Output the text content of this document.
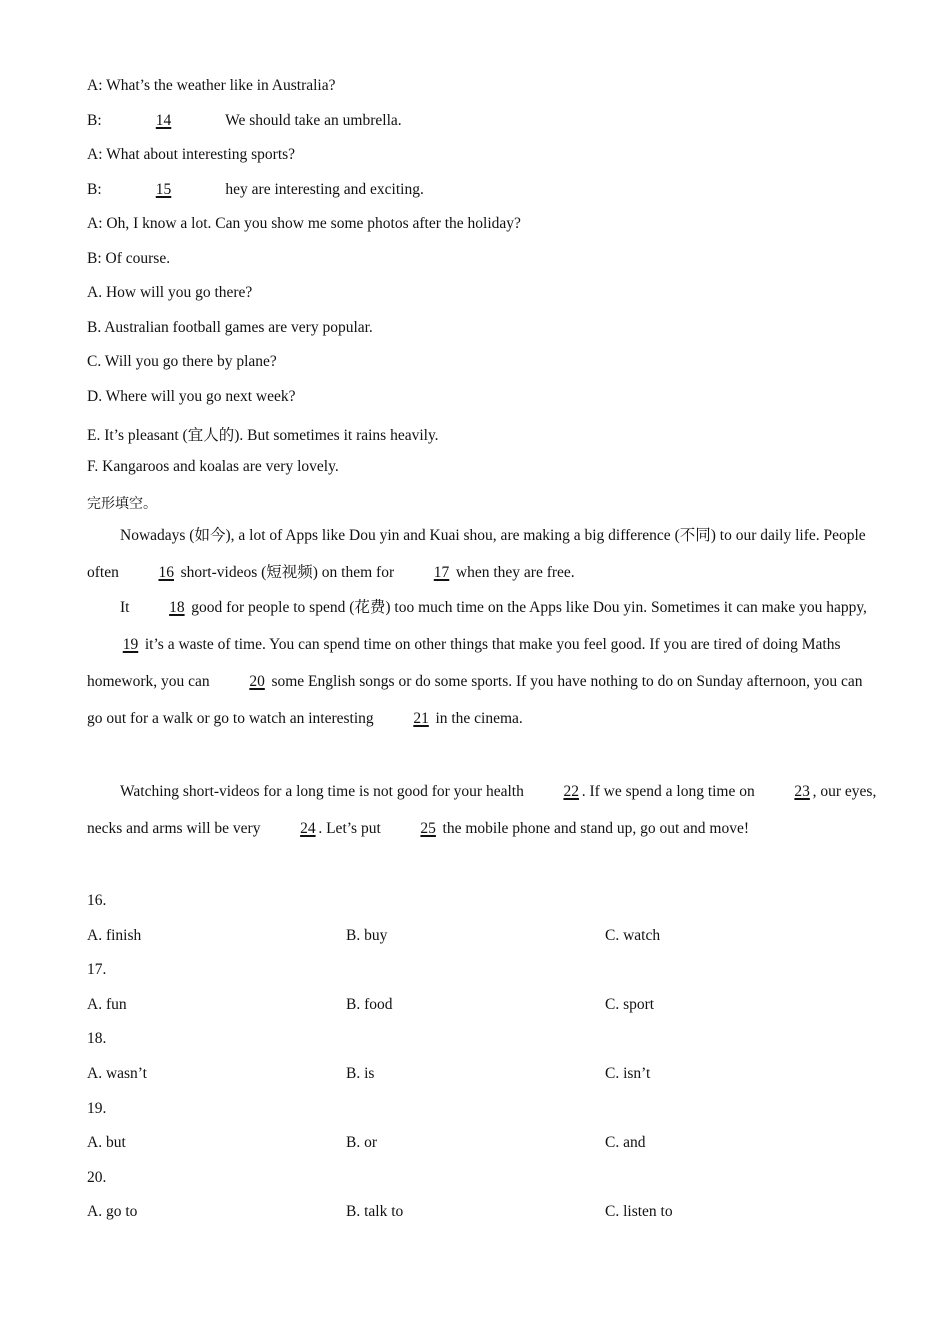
A: What’s the weather like in Australia?
B:	14	We should take an umbrella.
A: What about interesting sports?
B:	15	hey are interesting and exciting.
A: Oh, I know a lot. Can you show me some photos after the holiday?
B: Of course.
A. How will you go there?
B. Australian football games are very popular.
C. Will you go there by plane?
D. Where will you go next week?
E. It’s pleasant (宜人的). But sometimes it rains heavily.
F. Kangaroos and koalas are very lovely.
完形填空。

Nowadays (如今), a lot of Apps like Dou yin and Kuai shou, are making a big difference (不同) to our daily life. People often 16 short-videos (短视频) on them for 17 when they are free.

It 18 good for people to spend (花费) too much time on the Apps like Dou yin. Sometimes it can make you happy, 19 it’s a waste of time. You can spend time on other things that make you feel good. If you are tired of doing Maths homework, you can 20 some English songs or do some sports. If you have nothing to do on Sunday afternoon, you can go out for a walk or go to watch an interesting 21 in the cinema.

Watching short-videos for a long time is not good for your health 22 . If we spend a long time on 23 , our eyes, necks and arms will be very 24 . Let’s put 25 the mobile phone and stand up, go out and move!

16.
A. finish	B. buy	C. watch
17.
A. fun	B. food	C. sport
18.
A. wasn’t	B. is	C. isn’t
19.
A. but	B. or	C. and
20.
A. go to	B. talk to	C. listen to
